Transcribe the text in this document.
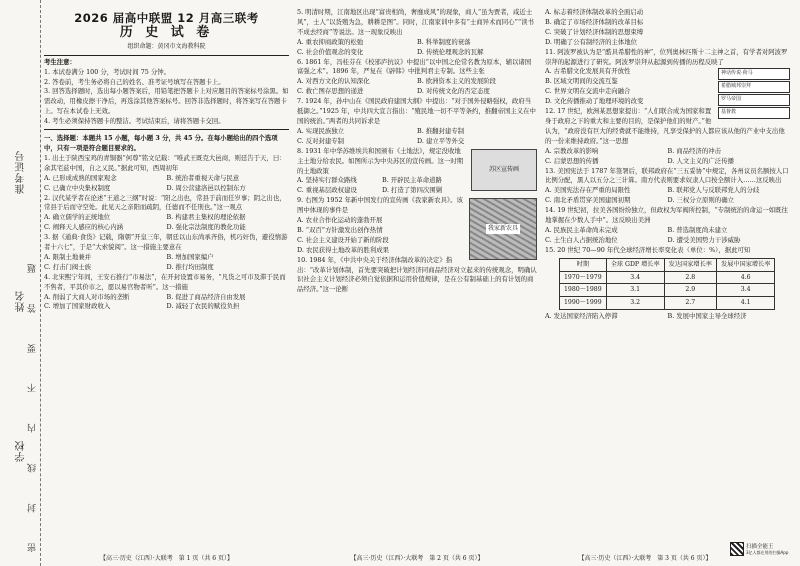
学校
姓名
准考证号
密 封 线 内 不 要 答 题
2026 届高中联盟 12 月高三联考
历 史 试 卷
组织命题：黄冈市文海教科院

考生注意：

1. 本试卷满分 100 分，考试时间 75 分钟。

2. 答卷前，考生务必将自己的姓名、准考证号填写在答题卡上。

3. 回答选择题时，选出每小题答案后，用铅笔把答题卡上对应题目的答案标号涂黑。如需改动，用橡皮擦干净后，再选涂其他答案标号。回答非选择题时，将答案写在答题卡上。写在本试卷上无效。

4. 考生必须保持答题卡的整洁。考试结束后，请将答题卡交回。

一、选择题：本题共 15 小题，每小题 3 分，共 45 分。在每小题给出的四个选项中，只有一项是符合题目要求的。

1. 出土于陕西宝鸡的青铜器“何尊”铭文记载：“唯武王既克大邑商，则廷告于天，曰：余其宅兹中国，自之乂民。”据此可知，西周初年

A. 已形成成熟的国家观念	B. 统治者重视天命与民意
C. 已确立中央集权制度	D. 周公营建洛邑以控制东方

2. 汉代某学者在论述“王道之三纲”时说：“阳之出也，常县于前而任岁事；阴之出也，常县于后而守空处。此见天之亲阳而疏阴，任德而不任刑也。”这一观点

A. 确立儒学的正统地位	B. 构建君主集权的理论依据
C. 阐释天人感应的核心内涵	D. 强化宗法制度的教化功能

3. 据《通典·食货》记载，隋朝“开皇三年，朝廷以山东尚承齐俗，机巧奸伪，避役惰游者十六七”，于是“大索貌阅”。这一措施主要意在

A. 限制土地兼并	B. 增加国家编户
C. 打击门阀士族	D. 推行均田制度

4. 北宋熙宁年间，王安石推行“市易法”，在开封设置市易务，“凡货之可市及滞于民而不售者，平其价市之，愿以易官物者听”。这一措施

A. 削弱了大商人对市场的垄断	B. 促进了商品经济自由发展
C. 增加了国家财政收入	D. 减轻了农民的赋役负担

5. 明清时期，江南地区出现“富贵相尚，奢靡成风”的现象，商人“虽为贾者，咸近士风”，士人“以货殖为急，耕耕是图”。同时，江南家训中多有“士商异术而同心”“读书不成去经商”等说法。这一现象反映出

A. 重农抑商政策的松弛	B. 科举制度的衰落
C. 社会价值观念的变化	D. 传统伦理观念的瓦解

6. 1861 年，冯桂芬在《校邠庐抗议》中提出“以中国之伦常名教为原本，辅以诸国富强之术”。1896 年，严复在《辟韩》中批判君主专制。这些主张

A. 对西方文化的认知深化	B. 欧洲资本主义的发展阶段
C. 救亡图存思想的递进	D. 对传统文化的否定态度

7. 1924 年，孙中山在《国民政府建国大纲》中提出：“对于国外侵略强权，政府当抵御之。”1925 年，中共四大宣言指出：“殖民地一切不平等条约，推翻帝国主义在中国的统治。”两者的共同诉求是

A. 实现民族独立	B. 推翻封建专制
C. 反对封建专制	D. 建立平等外交
苏区宣传画

8. 1931 年中华苏维埃共和国颁布《土地法》，规定没收地主土地分给农民。如图所示为中央苏区的宣传画。这一时期的土地政策

A. 坚持实行群众路线	B. 开辟民主革命道路
C. 重视基层政权建设	D. 打造了第四次围剿
我家新农具

9. 右图为 1952 年新中国发行的宣传画《我家新农具》。该图中体现的事件是

A. 农业合作化运动的蓬勃开展

B. “双百”方针激发出创作热情

C. 社会主义建设开始了新的阶段

D. 农民获得土地改革的胜利成果

10. 1984 年，《中共中央关于经济体制改革的决定》指出：“改革计划体制，首先要突破把计划经济同商品经济对立起来的传统观念，明确认识社会主义计划经济必须自觉依据和运用价值规律，是在公有制基础上的有计划的商品经济。”这一论断

A. 标志着经济体制改革的全面启动

B. 确定了市场经济体制的改革目标

C. 突破了计划经济体制的思想束缚

D. 明确了公有制经济的主体地位

11. 阿波罗被认为是“酷具希腊性的神”，位列奥林匹斯十二主神之首，有学者对阿波罗崇拜的起源进行了研究。阿波罗崇拜从起源到传播的历程反映了

神话传说·荷马
希腊城邦崇拜
罗马帝国
基督教

A. 古希腊文化发展具有开放性

B. 区域文明间的交流互鉴

C. 世界文明在交流中走向融合

D. 文化传播推动了地理环境的改变

12. 17 世纪，欧洲某思想家提出：“人们联合成为国家和置身于政府之下的重大和主要的目的，是保护他们的财产。”他认为，“政府没有巨大的经费就不能维持，凡享受保护的人都应该从他的产业中支出他的一份来维持政府。”这一思想

A. 宗教改革的影响	B. 商品经济的冲击
C. 启蒙思想的传播	D. 人文主义的广泛传播

13. 美国宪法于 1787 年签署后，联邦政府在“三五妥协”中规定，各州议员名额按人口比例分配，黑人以五分之三计算。南方代表则要求奴隶人口按全额计入……这反映出

A. 美国宪法存在严重的局限性	B. 联邦党人与反联邦党人的分歧
C. 南北矛盾贯穿美国建国初期	D. 三权分立原则的确立

14. 19 世纪初，拉美各国纷纷独立，但政权为军阀所控制，“专制统治的命运一如既往地掌握在少数人手中”。这反映出美洲

A. 民族民主革命尚未完成	B. 普选制度尚未建立
C. 土生白人占据统治地位	D. 遭受美国势力干涉威胁

15. 20 世纪 70—90 年代全球经济增长率变化表（单位：%），据此可知

时期	全球 GDP 增长率	发达国家增长率	发展中国家增长率
1970～1979	3.4	2.8	4.6
1980～1989	3.1	2.9	3.4
1990～1999	3.2	2.7	4.1
A. 发达国家经济陷入停滞	B. 发展中国家主导全球经济
【高三·历史（江西）·大联考　第 1 页（共 6 页）】	【高三·历史（江西）·大联考　第 2 页（共 6 页）】	【高三·历史（江西）·大联考　第 3 页（共 6 页）】
扫描全能王
3亿人都在用的扫描App
